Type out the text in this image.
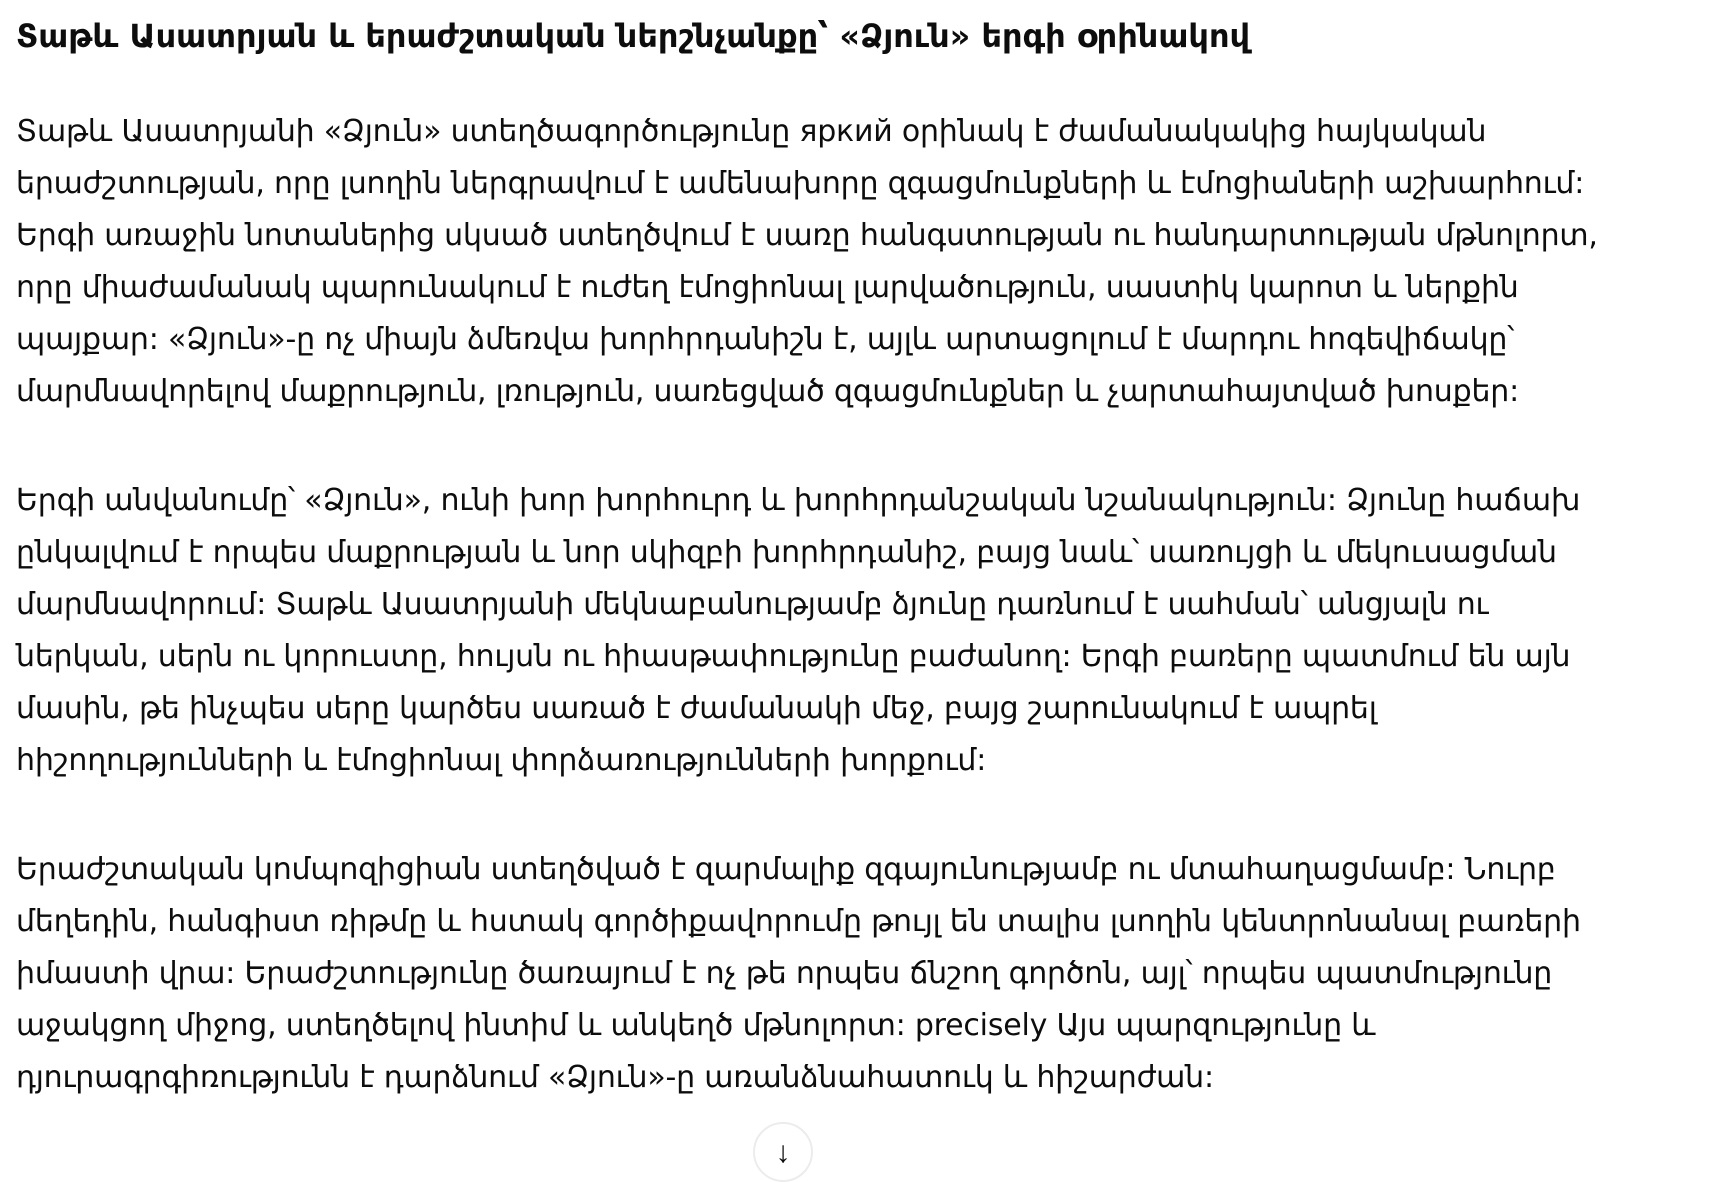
Տաթև Ասատրյան և երաժշտական ներշնչանքը՝ «Ձյուն» երգի օրինակով
Տաթև Ասատրյանի «Ձյուն» ստեղծագործությունը яркий օրինակ է ժամանակակից հայկական
երաժշտության, որը լսողին ներգրավում է ամենախորը զգացմունքների և էմոցիաների աշխարհում:
Երգի առաջին նոտաներից սկսած ստեղծվում է սառը հանգստության ու հանդարտության մթնոլորտ,
որը միաժամանակ պարունակում է ուժեղ էմոցիոնալ լարվածություն, սաստիկ կարոտ և ներքին
պայքար: «Ձյուն»-ը ոչ միայն ձմեռվա խորհրդանիշն է, այլև արտացոլում է մարդու հոգեվիճակը՝
մարմնավորելով մաքրություն, լռություն, սառեցված զգացմունքներ և չարտահայտված խոսքեր:
Երգի անվանումը՝ «Ձյուն», ունի խոր խորհուրդ և խորհրդանշական նշանակություն: Ձյունը հաճախ
ընկալվում է որպես մաքրության և նոր սկիզբի խորհրդանիշ, բայց նաև՝ սառույցի և մեկուսացման
մարմնավորում: Տաթև Ասատրյանի մեկնաբանությամբ ձյունը դառնում է սահման՝ անցյալն ու
ներկան, սերն ու կորուստը, հույսն ու հիասթափությունը բաժանող: Երգի բառերը պատմում են այն
մասին, թե ինչպես սերը կարծես սառած է ժամանակի մեջ, բայց շարունակում է ապրել
հիշողությունների և էմոցիոնալ փորձառությունների խորքում:
Երաժշտական կոմպոզիցիան ստեղծված է զարմալիք զգայունությամբ ու մտահաղացմամբ: Նուրբ
մեղեդին, հանգիստ ռիթմը և հստակ գործիքավորումը թույլ են տալիս լսողին կենտրոնանալ բառերի
իմաստի վրա: Երաժշտությունը ծառայում է ոչ թե որպես ճնշող գործոն, այլ՝ որպես պատմությունը
աջակցող միջոց, ստեղծելով ինտիմ և անկեղծ մթնոլորտ: precisely Այս պարզությունը և
դյուրագրգիռությունն է դարձնում «Ձյուն»-ը առանձնահատուկ և հիշարժան:
↓
